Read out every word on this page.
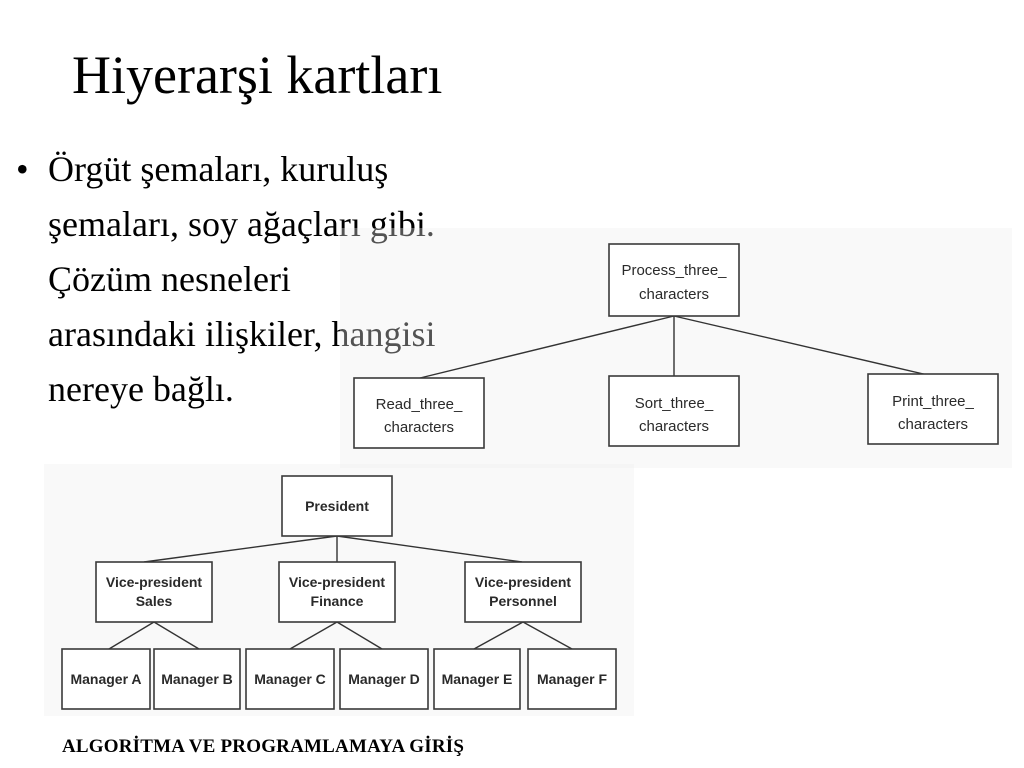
Hiyerarşi kartları
• Örgüt şemaları, kuruluş
şemaları, soy ağaçları gibi.
Çözüm nesneleri
arasındaki ilişkiler, hangisi
nereye bağlı.
Process_three_
characters
Read_three_
characters
Sort_three_
characters
Print_three_
characters
President
Vice-president
Sales
Vice-president
Finance
Vice-president
Personnel
Manager A Manager B Manager C Manager D Manager E Manager F
ALGORİTMA VE PROGRAMLAMAYA GİRİŞ
